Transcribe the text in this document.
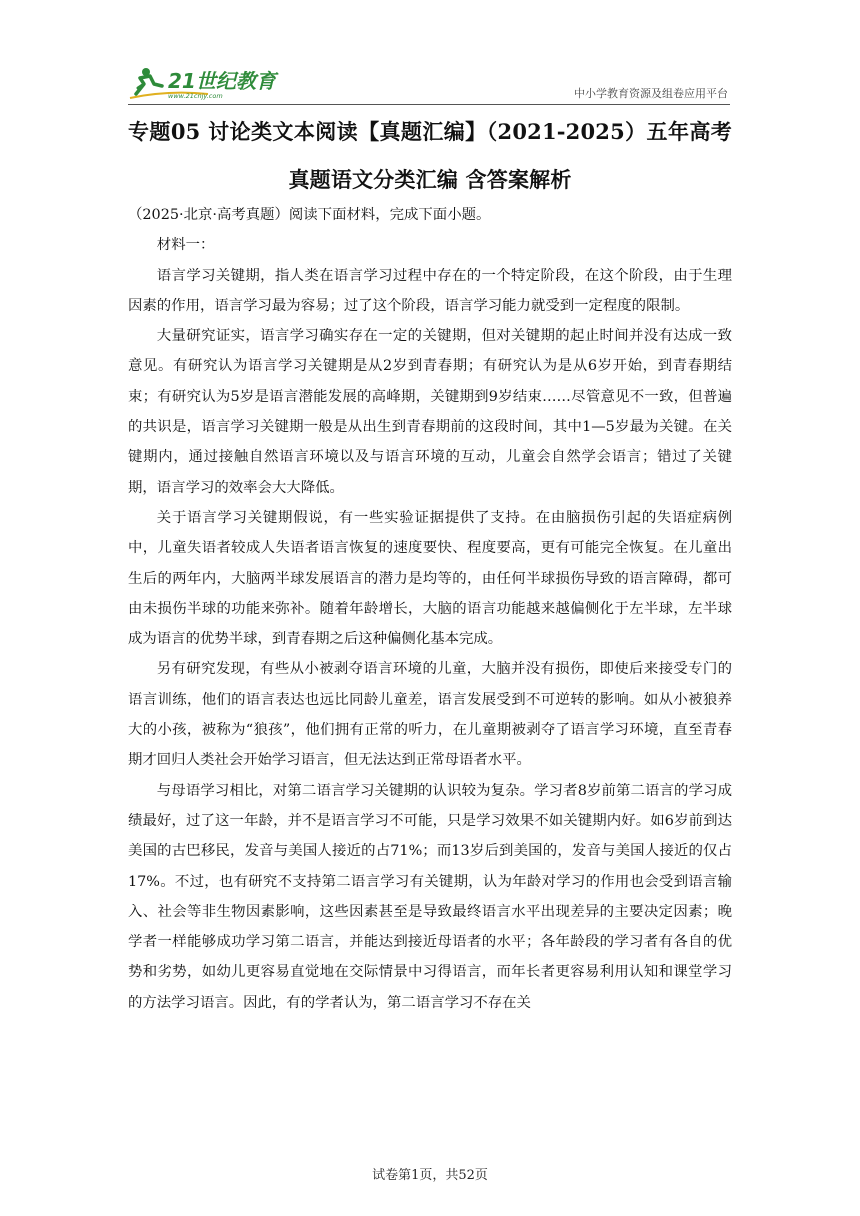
21世纪教育
www.21cnjy.com	中小学教育资源及组卷应用平台
专题05 讨论类文本阅读【真题汇编】（2021-2025）五年高考真题语文分类汇编 含答案解析

（2025·北京·高考真题）阅读下面材料，完成下面小题。

材料一：

语言学习关键期，指人类在语言学习过程中存在的一个特定阶段，在这个阶段，由于生理因素的作用，语言学习最为容易；过了这个阶段，语言学习能力就受到一定程度的限制。

大量研究证实，语言学习确实存在一定的关键期，但对关键期的起止时间并没有达成一致意见。有研究认为语言学习关键期是从2岁到青春期；有研究认为是从6岁开始，到青春期结束；有研究认为5岁是语言潜能发展的高峰期，关键期到9岁结束……尽管意见不一致，但普遍的共识是，语言学习关键期一般是从出生到青春期前的这段时间，其中1—5岁最为关键。在关键期内，通过接触自然语言环境以及与语言环境的互动，儿童会自然学会语言；错过了关键期，语言学习的效率会大大降低。

关于语言学习关键期假说，有一些实验证据提供了支持。在由脑损伤引起的失语症病例中，儿童失语者较成人失语者语言恢复的速度要快、程度要高，更有可能完全恢复。在儿童出生后的两年内，大脑两半球发展语言的潜力是均等的，由任何半球损伤导致的语言障碍，都可由未损伤半球的功能来弥补。随着年龄增长，大脑的语言功能越来越偏侧化于左半球，左半球成为语言的优势半球，到青春期之后这种偏侧化基本完成。

另有研究发现，有些从小被剥夺语言环境的儿童，大脑并没有损伤，即使后来接受专门的语言训练，他们的语言表达也远比同龄儿童差，语言发展受到不可逆转的影响。如从小被狼养大的小孩，被称为“狼孩”，他们拥有正常的听力，在儿童期被剥夺了语言学习环境，直至青春期才回归人类社会开始学习语言，但无法达到正常母语者水平。

与母语学习相比，对第二语言学习关键期的认识较为复杂。学习者8岁前第二语言的学习成绩最好，过了这一年龄，并不是语言学习不可能，只是学习效果不如关键期内好。如6岁前到达美国的古巴移民，发音与美国人接近的占71%；而13岁后到美国的，发音与美国人接近的仅占17%。不过，也有研究不支持第二语言学习有关键期，认为年龄对学习的作用也会受到语言输入、社会等非生物因素影响，这些因素甚至是导致最终语言水平出现差异的主要决定因素；晚学者一样能够成功学习第二语言，并能达到接近母语者的水平；各年龄段的学习者有各自的优势和劣势，如幼儿更容易直觉地在交际情景中习得语言，而年长者更容易利用认知和课堂学习的方法学习语言。因此，有的学者认为，第二语言学习不存在关

试卷第1页，共52页
